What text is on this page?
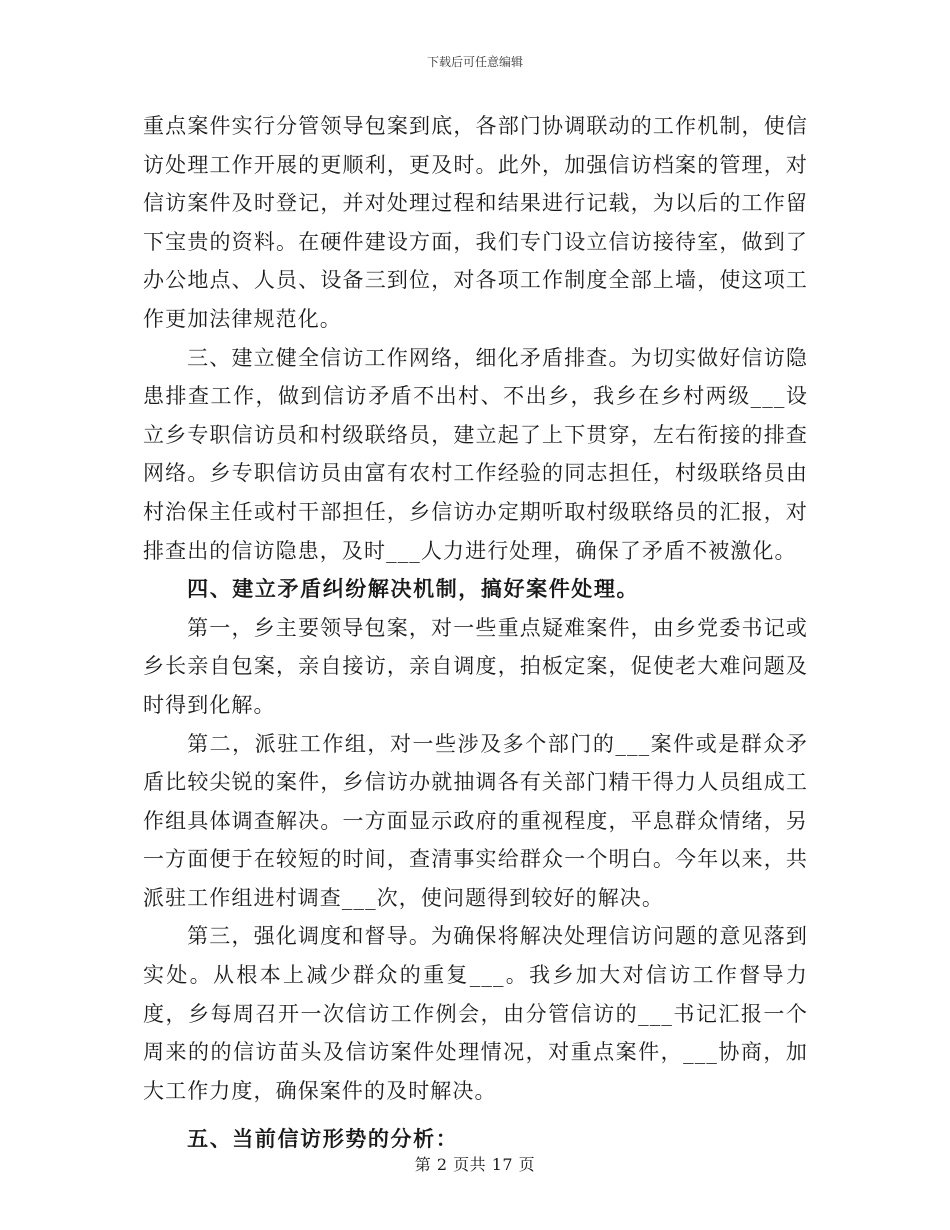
下载后可任意编辑

重点案件实行分管领导包案到底，各部门协调联动的工作机制，使信访处理工作开展的更顺利，更及时。此外，加强信访档案的管理，对信访案件及时登记，并对处理过程和结果进行记载，为以后的工作留下宝贵的资料。在硬件建设方面，我们专门设立信访接待室，做到了办公地点、人员、设备三到位，对各项工作制度全部上墙，使这项工作更加法律规范化。

三、建立健全信访工作网络，细化矛盾排查。为切实做好信访隐患排查工作，做到信访矛盾不出村、不出乡，我乡在乡村两级___设立乡专职信访员和村级联络员，建立起了上下贯穿，左右衔接的排查网络。乡专职信访员由富有农村工作经验的同志担任，村级联络员由村治保主任或村干部担任，乡信访办定期听取村级联络员的汇报，对排查出的信访隐患，及时___人力进行处理，确保了矛盾不被激化。

四、建立矛盾纠纷解决机制，搞好案件处理。

第一，乡主要领导包案，对一些重点疑难案件，由乡党委书记或乡长亲自包案，亲自接访，亲自调度，拍板定案，促使老大难问题及时得到化解。

第二，派驻工作组，对一些涉及多个部门的___案件或是群众矛盾比较尖锐的案件，乡信访办就抽调各有关部门精干得力人员组成工作组具体调查解决。一方面显示政府的重视程度，平息群众情绪，另一方面便于在较短的时间，查清事实给群众一个明白。今年以来，共派驻工作组进村调查___次，使问题得到较好的解决。

第三，强化调度和督导。为确保将解决处理信访问题的意见落到实处。从根本上减少群众的重复___。我乡加大对信访工作督导力度，乡每周召开一次信访工作例会，由分管信访的___书记汇报一个周来的的信访苗头及信访案件处理情况，对重点案件，___协商，加大工作力度，确保案件的及时解决。

五、当前信访形势的分析：

第 2 页共 17 页
